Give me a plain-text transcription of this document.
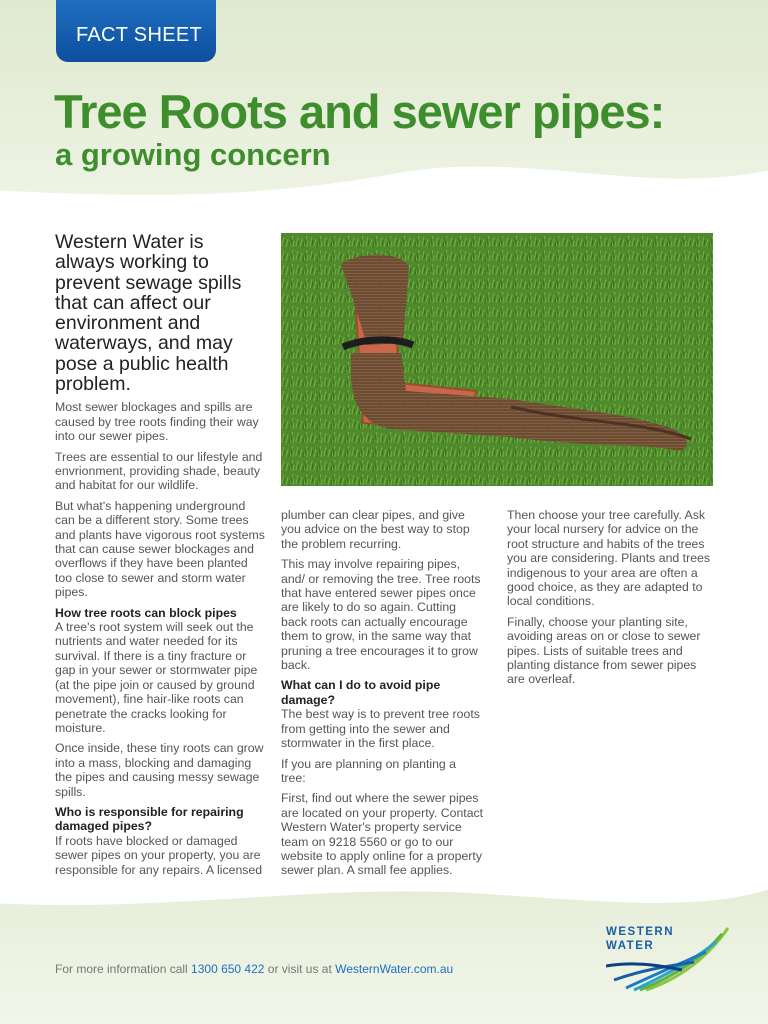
FACT SHEET
Tree Roots and sewer pipes:
a growing concern

Western Water is always working to prevent sewage spills that can affect our environment and waterways, and may pose a public health problem.

Most sewer blockages and spills are caused by tree roots finding their way into our sewer pipes.

Trees are essential to our lifestyle and envrionment, providing shade, beauty and habitat for our wildlife.

But what's happening underground can be a different story. Some trees and plants have vigorous root systems that can cause sewer blockages and overflows if they have been planted too close to sewer and storm water pipes.

How tree roots can block pipes

A tree's root system will seek out the nutrients and water needed for its survival. If there is a tiny fracture or gap in your sewer or stormwater pipe (at the pipe join or caused by ground movement), fine hair-like roots can penetrate the cracks looking for moisture.

Once inside, these tiny roots can grow into a mass, blocking and damaging the pipes and causing messy sewage spills.

Who is responsible for repairing damaged pipes?

If roots have blocked or damaged sewer pipes on your property, you are responsible for any repairs. A licensed

plumber can clear pipes, and give you advice on the best way to stop the problem recurring.

This may involve repairing pipes, and/ or removing the tree. Tree roots that have entered sewer pipes once are likely to do so again. Cutting back roots can actually encourage them to grow, in the same way that pruning a tree encourages it to grow back.

What can I do to avoid pipe damage?

The best way is to prevent tree roots from getting into the sewer and stormwater in the first place.

If you are planning on planting a tree:

First, find out where the sewer pipes are located on your property. Contact Western Water's property service team on 9218 5560 or go to our website to apply online for a property sewer plan. A small fee applies.

Then choose your tree carefully. Ask your local nursery for advice on the root structure and habits of the trees you are considering. Plants and trees indigenous to your area are often a good choice, as they are adapted to local conditions.

Finally, choose your planting site, avoiding areas on or close to sewer pipes. Lists of suitable trees and planting distance from sewer pipes are overleaf.

For more information call 1300 650 422 or visit us at WesternWater.com.au
WESTERN
WATER
